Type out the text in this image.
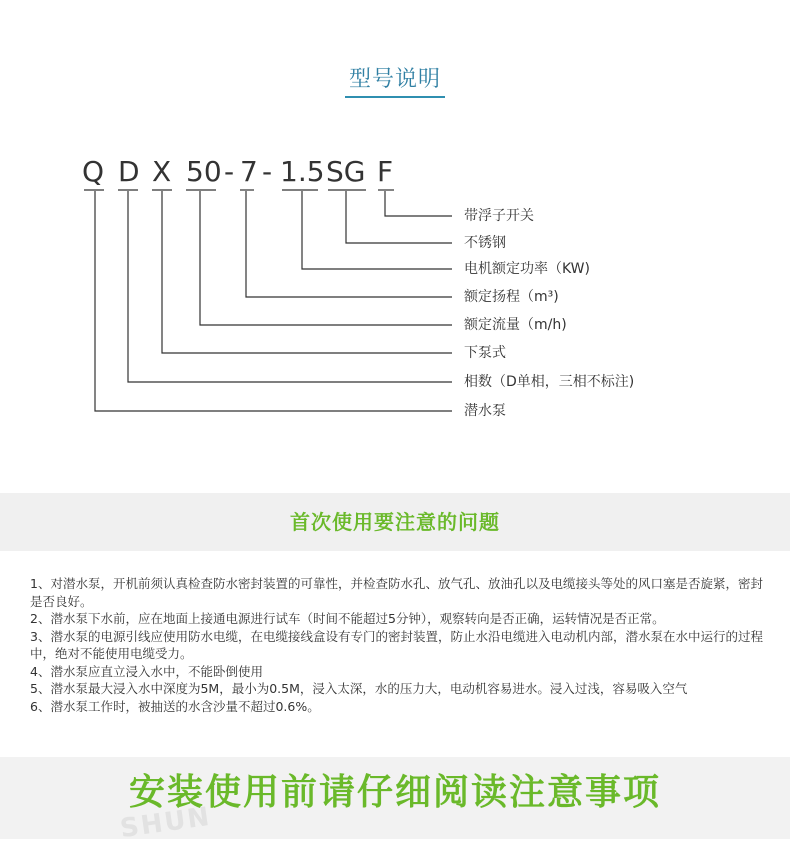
型号说明
Q D X 50 - 7 - 1.5 SG F
带浮子开关
不锈钢
电机额定功率（KW)
额定扬程（m³)
额定流量（m/h)
下泵式
相数（D单相，三相不标注)
潜水泵
首次使用要注意的问题

1、对潜水泵，开机前须认真检查防水密封装置的可靠性，并检查防水孔、放气孔、放油孔以及电缆接头等处的风口塞是否旋紧，密封是否良好。

2、潜水泵下水前，应在地面上接通电源进行试车（时间不能超过5分钟），观察转向是否正确，运转情况是否正常。

3、潜水泵的电源引线应使用防水电缆，在电缆接线盒设有专门的密封装置，防止水沿电缆进入电动机内部，潜水泵在水中运行的过程中，绝对不能使用电缆受力。

4、潜水泵应直立浸入水中，不能卧倒使用

5、潜水泵最大浸入水中深度为5M，最小为0.5M，浸入太深，水的压力大，电动机容易进水。浸入过浅，容易吸入空气

6、潜水泵工作时，被抽送的水含沙量不超过0.6%。

安装使用前请仔细阅读注意事项
SHUN
